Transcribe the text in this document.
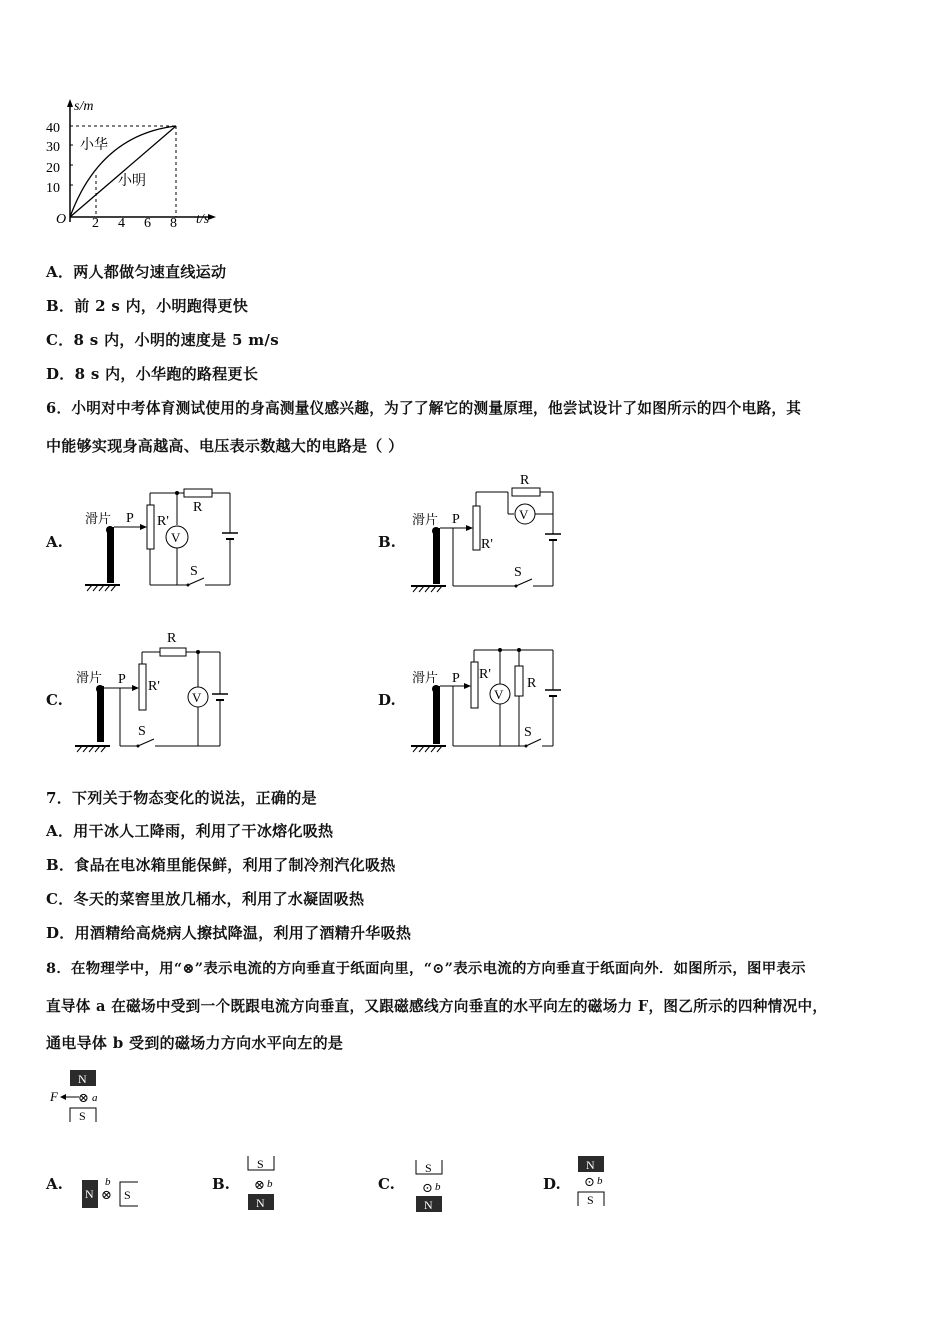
s/m
t/s
O
10
20
30
40
2 4 6 8
小华
小明
A．两人都做匀速直线运动
B．前 2 s 内，小明跑得更快
C．8 s 内，小明的速度是 5 m/s
D．8 s 内，小华跑的路程更长
6．小明对中考体育测试使用的身高测量仪感兴趣，为了了解它的测量原理，他尝试设计了如图所示的四个电路，其
中能够实现身高越高、电压表示数越大的电路是（ ）
A.
滑片 P R'
R
V
S
B.
滑片 P
R'
R
V
S
C.
滑片 P R'
R
V
S
D.
滑片 P R'
V
R
S
7．下列关于物态变化的说法，正确的是
A．用干冰人工降雨，利用了干冰熔化吸热
B．食品在电冰箱里能保鲜，利用了制冷剂汽化吸热
C．冬天的菜窖里放几桶水，利用了水凝固吸热
D．用酒精给高烧病人擦拭降温，利用了酒精升华吸热
8．在物理学中，用“⊗”表示电流的方向垂直于纸面向里，“⊙”表示电流的方向垂直于纸面向外．如图所示，图甲表示
直导体 a 在磁场中受到一个既跟电流方向垂直，又跟磁感线方向垂直的水平向左的磁场力 F，图乙所示的四种情况中，
通电导体 b 受到的磁场力方向水平向左的是
N
F ⊗ a
S
A.
N ⊗
b
S
B.
S
⊗ b
N
C.
S
⊙ b
N
D.
N
⊙ b
S
